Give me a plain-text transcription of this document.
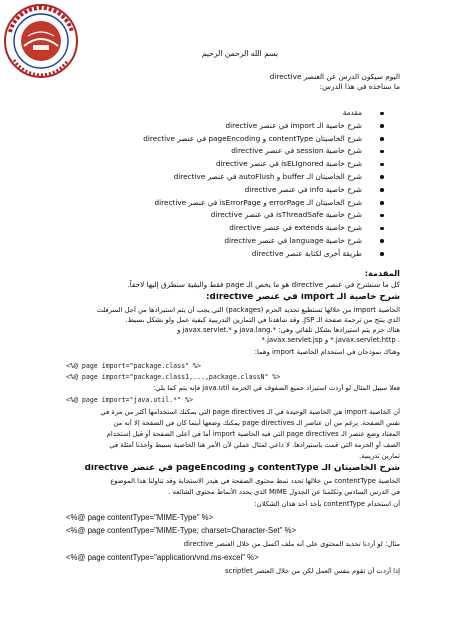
بسم الله الرحمن الرحيم
اليوم سيكون الدرس عن العنصر directive
ما سناخذه في هذا الدرس:
مقدمة
شرح خاصية الـ import في عنصر directive
شرح الخاصيتان contentType و pageEncoding في عنصر directive
شرح خاصية session في عنصر directive
شرح خاصية isELIgnored في عنصر directive
شرح الخاصيتان الـ buffer و autoFlush في عنصر directive
شرح خاصية info في عنصر directive
شرح الخاصيتان الـ errorPage و isErrorPage في عنصر directive
شرح خاصية isThreadSafe في عنصر directive
شرح خاصية extends في عنصر directive
شرح خاصية language في عنصر directive
طريقة أخرى لكتابة عنصر directive
المقدمة:
كل ما سنشرح في عنصر directive هو ما يخص الـ page فقط والبقية سنطرق إليها لاحقاً.
شرح خاصية الـ import في عنصر directive:
الخاصية import من خلالها تستطيع تحديد الحزم (packages) التي يجب أن يتم استيرادها من أجل السرفلت
الذي ينتج من ترجمة صفحة الـ JSP. وقد شاهدنا في التمارين التدريبية كيفية عمل ولو بشكل بسيط.
هناك حزم يتم استيرادها بشكل تلقائي وهي: *.java.lang و *.javax.servlet و
*.javax.servlet.jsp و *.javax.servlet.http .
وهناك نموذجان في استخدام الخاصية import وهما:
<%@ page import="package.class" %>
<%@ page import="package.class1,...,package.classN" %>
فعلا سبيل المثال لو أردت استيراد جميع الصفوف في الحزمة java.util فإنه يتم كما يلي:
<%@ page import="java.util.*" %>
أن الخاصية import هي الخاصية الوحيدة في الـ page directives التي يمكنك استخدامها أكثر من مرة في
نفس الصفحة. برغم من أن عناصر الـ page directives يمكنك وضعها أينما كان في الصفحة إلا أنه من
المعتاد وضع عنصر الـ page directives التي فيه الخاصية import أما في أعلى الصفحة أو قبل استخدام
الصف أو الحزمة التي قمت باستيرادها. لا داعي لمثال عملي لأن الأمر هنا الخاصية بسيط وأخذنا أمثلة في
تمارين تدريبية.
شرح الخاصيتان الـ contentType و pageEncoding في عنصر directive
الخاصية contentType من خلالها تحدد نمط محتوى الصفحة في هيدر الاستجابة وقد تناولنا هذا الموضوع
في الدرس السادس وتكلمنا عن الجدول MIME الذي يحدد الأنماط محتوى الشائعة .
أن استخدام contentType يأخذ أحد هذان الشكلان:
<%@ page contentType="MIME-Type" %>
<%@ page contentType="MIME-Type; charset=Character-Set" %>
مثال: لو أردنا تحديد المحتوى على أنه ملف أكسل من خلال العنصر directive
<%@ page contentType="application/vnd.ms-excel" %>
إذا أردت أن تقوم بنفس العمل لكن من خلال العنصر scriptlet
